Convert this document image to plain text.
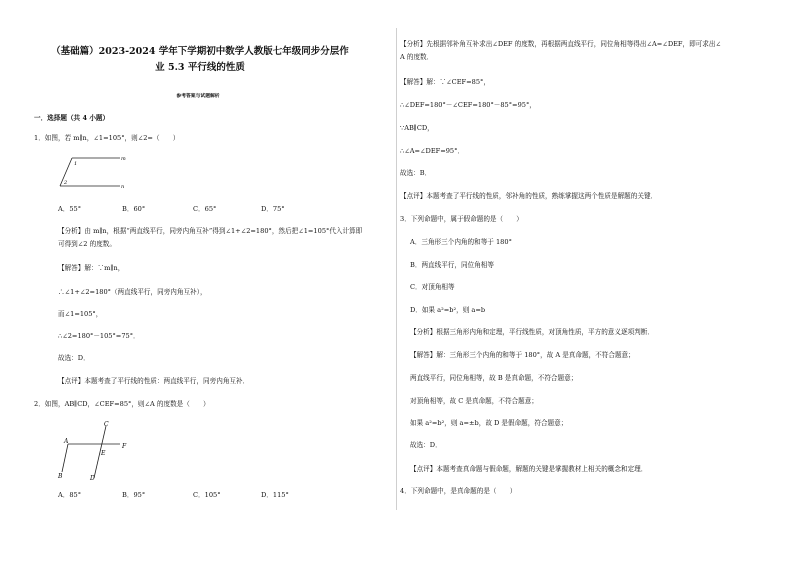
（基础篇）2023-2024 学年下学期初中数学人教版七年级同步分层作业 5.3 平行线的性质
参考答案与试题解析
一．选择题（共 4 小题）
1．如图，若 m∥n，∠1=105°，则∠2=（　　）
m
n
1
2
A．55°	B．60°	C．65°	D．75°
【分析】由 m∥n，根据“两直线平行，同旁内角互补”得到∠1+∠2=180°，然后把∠1=105°代入计算即
可得到∠2 的度数。
【解答】解：∵m∥n，
∴∠1+∠2=180°（两直线平行，同旁内角互补），
而∠1=105°，
∴∠2=180°－105°=75°．
故选：D．
【点评】本题考查了平行线的性质：两直线平行，同旁内角互补．
2．如图，AB∥CD，∠CEF=85°，则∠A 的度数是（　　）
A
B
C
D
E
F
A．85°	B．95°	C．105°	D．115°
【分析】先根据邻补角互补求出∠DEF 的度数，再根据两直线平行，同位角相等得出∠A=∠DEF，即可求出∠
A 的度数．
【解答】解：∵∠CEF=85°，
∴∠DEF=180°－∠CEF=180°－85°=95°，
∵AB∥CD，
∴∠A=∠DEF=95°．
故选：B．
【点评】本题考查了平行线的性质，邻补角的性质，熟练掌握这两个性质是解题的关键．
3．下列命题中，属于假命题的是（　　）
A．三角形三个内角的和等于 180°
B．两直线平行，同位角相等
C．对顶角相等
D．如果 a²=b²，则 a=b
【分析】根据三角形内角和定理，平行线性质，对顶角性质，平方的意义逐项判断．
【解答】解：三角形三个内角的和等于 180°，故 A 是真命题，不符合题意；
两直线平行，同位角相等，故 B 是真命题，不符合题意；
对顶角相等，故 C 是真命题，不符合题意；
如果 a²=b²，则 a=±b，故 D 是假命题，符合题意；
故选：D．
【点评】本题考查真命题与假命题，解题的关键是掌握教材上相关的概念和定理．
4．下列命题中，是真命题的是（　　）
